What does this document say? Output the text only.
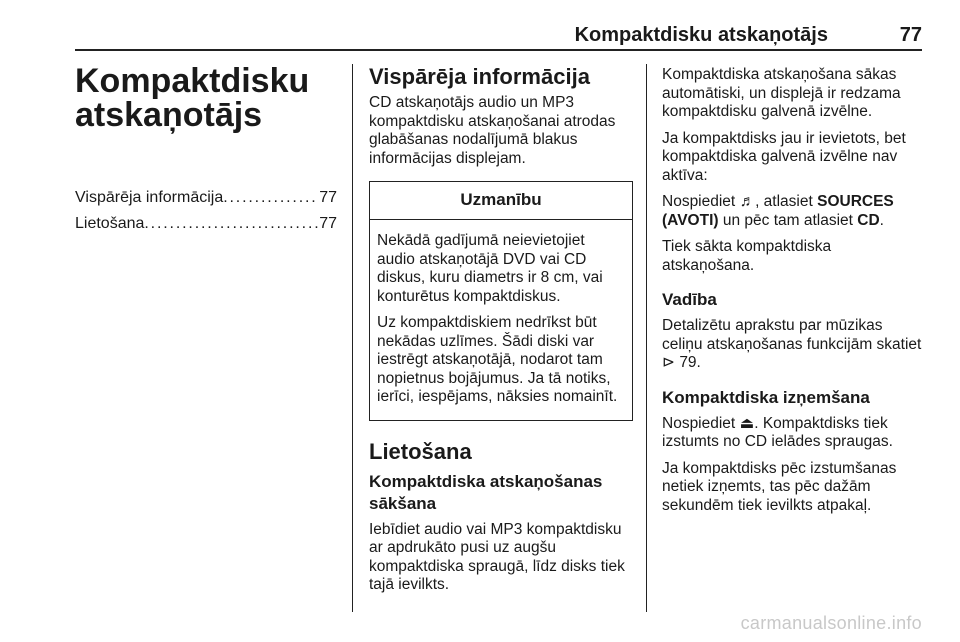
Kompaktdisku atskaņotājs	77
Kompaktdisku atskaņotājs
Vispārēja informācija . . .	77
Lietošana . . .	77
Vispārēja informācija

CD atskaņotājs audio un MP3 kompaktdisku atskaņošanai atrodas glabāšanas nodalījumā blakus informācijas displejam.

Uzmanību

Nekādā gadījumā neievietojiet audio atskaņotājā DVD vai CD diskus, kuru diametrs ir 8 cm, vai konturētus kompaktdiskus.

Uz kompaktdiskiem nedrīkst būt nekādas uzlīmes. Šādi diski var iestrēgt atskaņotājā, nodarot tam nopietnus bojājumus. Ja tā notiks, ierīci, iespējams, nāksies nomainīt.

Lietošana
Kompaktdiska atskaņošanas sākšana

Iebīdiet audio vai MP3 kompaktdisku ar apdrukāto pusi uz augšu kompaktdiska spraugā, līdz disks tiek tajā ievilkts.

Kompaktdiska atskaņošana sākas automātiski, un displejā ir redzama kompaktdisku galvenā izvēlne.

Ja kompaktdisks jau ir ievietots, bet kompaktdiska galvenā izvēlne nav aktīva:

Nospiediet ♬, atlasiet SOURCES (AVOTI) un pēc tam atlasiet CD.

Tiek sākta kompaktdiska atskaņošana.

Vadība

Detalizētu aprakstu par mūzikas celiņu atskaņošanas funkcijām skatiet ⊳ 79.

Kompaktdiska izņemšana

Nospiediet ⏏. Kompaktdisks tiek izstumts no CD ielādes spraugas.

Ja kompaktdisks pēc izstumšanas netiek izņemts, tas pēc dažām sekundēm tiek ievilkts atpakaļ.

carmanualsonline.info
